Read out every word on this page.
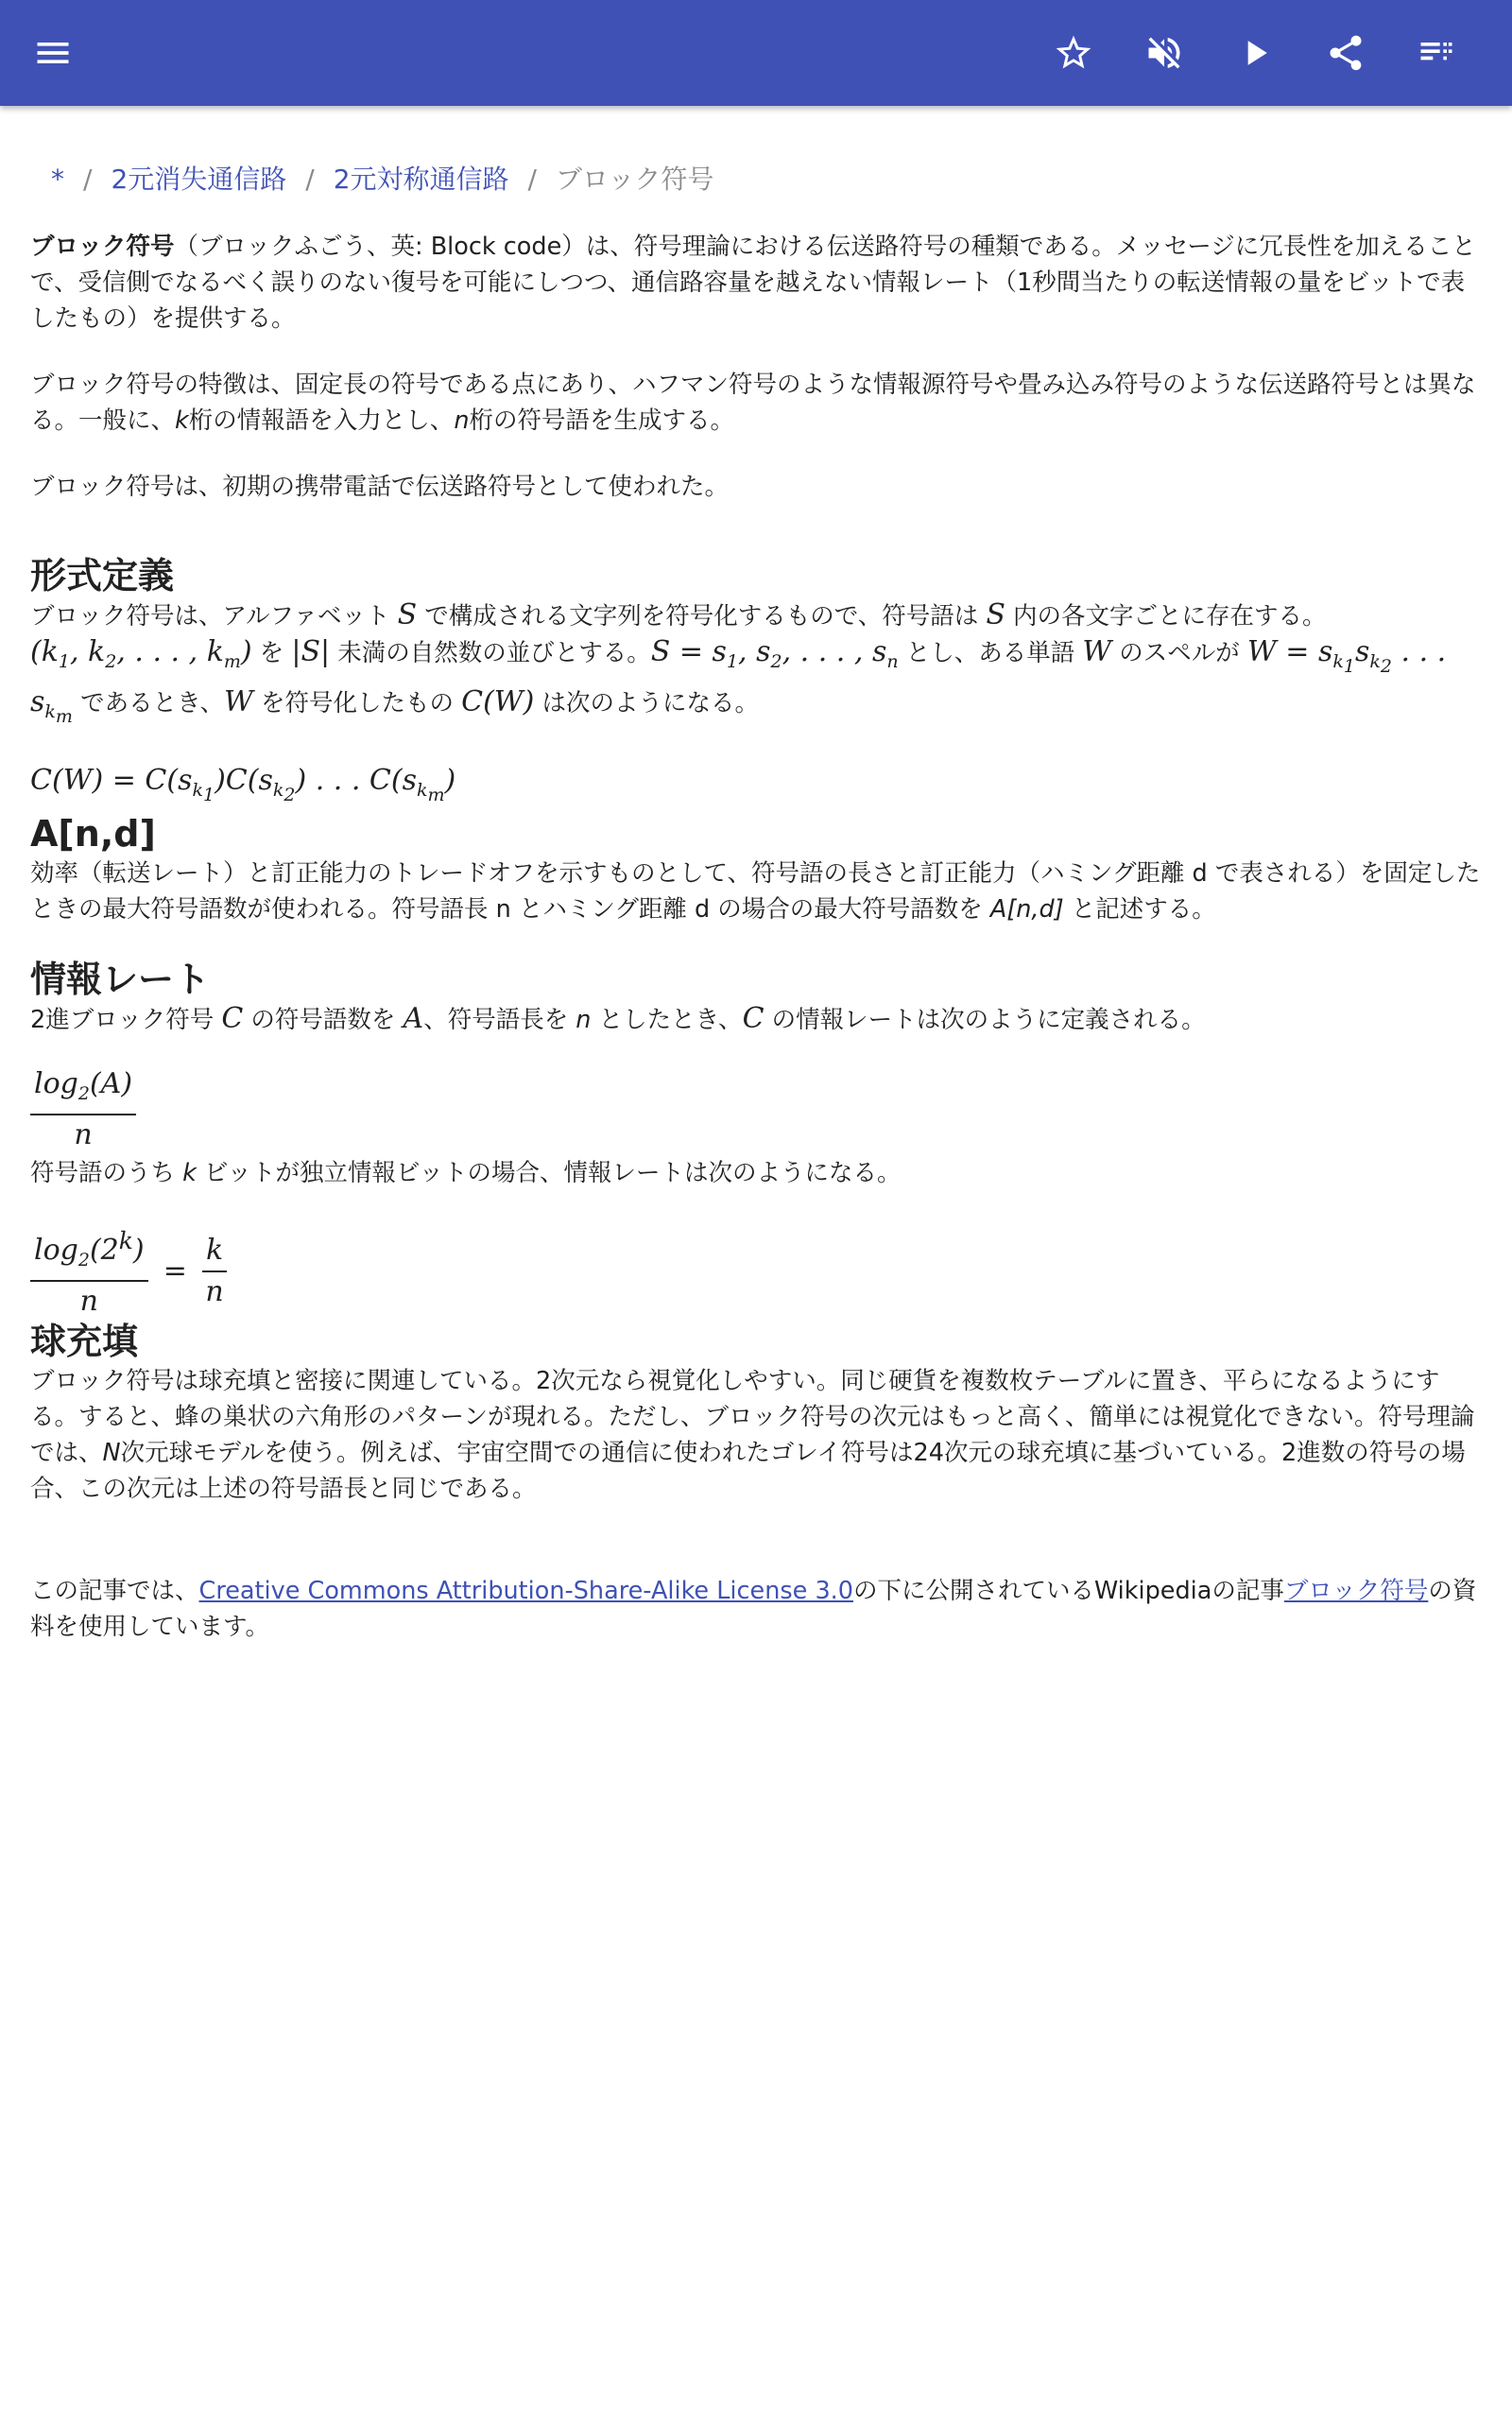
* / 2元消失通信路 / 2元対称通信路 / ブロック符号

ブロック符号（ブロックふごう、英: Block code）は、符号理論における伝送路符号の種類である。メッセージに冗長性を加えることで、受信側でなるべく誤りのない復号を可能にしつつ、通信路容量を越えない情報レート（1秒間当たりの転送情報の量をビットで表したもの）を提供する。

ブロック符号の特徴は、固定長の符号である点にあり、ハフマン符号のような情報源符号や畳み込み符号のような伝送路符号とは異なる。一般に、k桁の情報語を入力とし、n桁の符号語を生成する。

ブロック符号は、初期の携帯電話で伝送路符号として使われた。

形式定義
ブロック符号は、アルファベット S で構成される文字列を符号化するもので、符号語は S 内の各文字ごとに存在する。
($k_1$, $k_2$, . . . , $k_m$) を |S| 未満の自然数の並びとする。$S = s_1$, $s_2$, . . . , $s_n$ とし、ある単語 W のスペルが $W = s_{k_1}s_{k_2}$ . . . $s_{k_m}$ であるとき、W を符号化したもの C(W) は次のようになる。
$C(W) = C(s_{k_1})C(s_{k_2})$ . . . $C(s_{k_m})$
A[n,d]

効率（転送レート）と訂正能力のトレードオフを示すものとして、符号語の長さと訂正能力（ハミング距離 d で表される）を固定したときの最大符号語数が使われる。符号語長 n とハミング距離 d の場合の最大符号語数を A[n,d] と記述する。

情報レート
2進ブロック符号 C の符号語数を A、符号語長を n としたとき、C の情報レートは次のように定義される。
$\frac{\log_2(A)}{n}$
符号語のうち k ビットが独立情報ビットの場合、情報レートは次のようになる。
$\frac{\log_2(2^k)}{n} = \frac{k}{n}$
球充填

ブロック符号は球充填と密接に関連している。2次元なら視覚化しやすい。同じ硬貨を複数枚テーブルに置き、平らになるようにする。すると、蜂の巣状の六角形のパターンが現れる。ただし、ブロック符号の次元はもっと高く、簡単には視覚化できない。符号理論では、N次元球モデルを使う。例えば、宇宙空間での通信に使われたゴレイ符号は24次元の球充填に基づいている。2進数の符号の場合、この次元は上述の符号語長と同じである。

この記事では、Creative Commons Attribution-Share-Alike License 3.0の下に公開されているWikipediaの記事ブロック符号の資料を使用しています。
